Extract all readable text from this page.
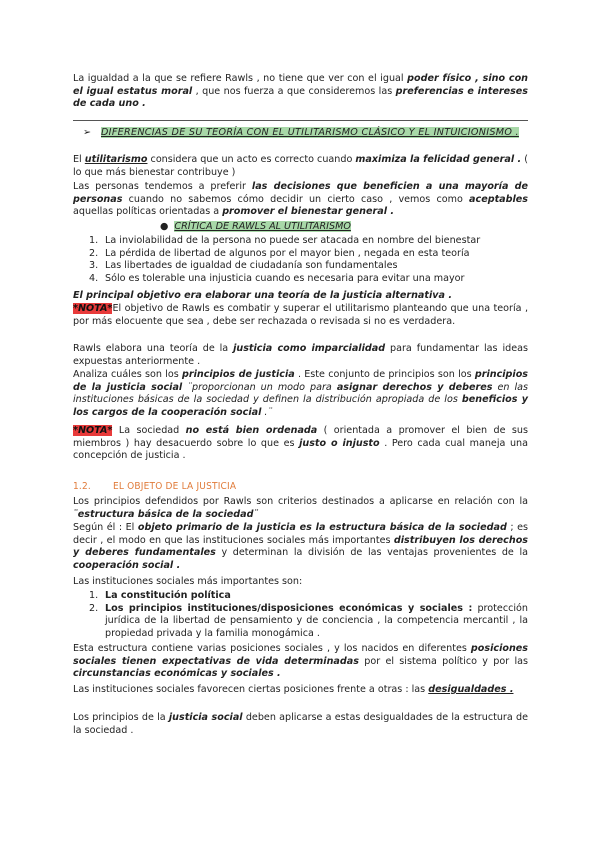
La igualdad a la que se refiere Rawls , no tiene que ver con el igual poder físico , sino con el igual estatus moral , que nos fuerza a que consideremos las preferencias e intereses de cada uno .
➢ DIFERENCIAS DE SU TEORÍA CON EL UTILITARISMO CLÁSICO Y EL INTUICIONISMO .
El utilitarismo considera que un acto es correcto cuando maximiza la felicidad general . ( lo que más bienestar contribuye )
Las personas tendemos a preferir las decisiones que beneficien a una mayoría de personas cuando no sabemos cómo decidir un cierto caso , vemos como aceptables aquellas políticas orientadas a promover el bienestar general .
● CRÍTICA DE RAWLS AL UTILITARISMO
1. La inviolabilidad de la persona no puede ser atacada en nombre del bienestar
2. La pérdida de libertad de algunos por el mayor bien , negada en esta teoría
3. Las libertades de igualdad de ciudadanía son fundamentales
4. Sólo es tolerable una injusticia cuando es necesaria para evitar una mayor
El principal objetivo era elaborar una teoría de la justicia alternativa .
*NOTA*El objetivo de Rawls es combatir y superar el utilitarismo planteando que una teoría , por más elocuente que sea , debe ser rechazada o revisada si no es verdadera.
Rawls elabora una teoría de la justicia como imparcialidad para fundamentar las ideas expuestas anteriormente .
Analiza cuáles son los principios de justicia . Este conjunto de principios son los principios de la justicia social ¨proporcionan un modo para asignar derechos y deberes en las instituciones básicas de la sociedad y definen la distribución apropiada de los beneficios y los cargos de la cooperación social .¨
*NOTA* La sociedad no está bien ordenada ( orientada a promover el bien de sus miembros ) hay desacuerdo sobre lo que es justo o injusto . Pero cada cual maneja una concepción de justicia .
1.2. EL OBJETO DE LA JUSTICIA
Los principios defendidos por Rawls son criterios destinados a aplicarse en relación con la ¨estructura básica de la sociedad¨
Según él : El objeto primario de la justicia es la estructura básica de la sociedad ; es decir , el modo en que las instituciones sociales más importantes distribuyen los derechos y deberes fundamentales y determinan la división de las ventajas provenientes de la cooperación social .
Las instituciones sociales más importantes son:
1. La constitución política
2. Los principios instituciones/disposiciones económicas y sociales : protección jurídica de la libertad de pensamiento y de conciencia , la competencia mercantil , la propiedad privada y la familia monogámica .
Esta estructura contiene varias posiciones sociales , y los nacidos en diferentes posiciones sociales tienen expectativas de vida determinadas por el sistema político y por las circunstancias económicas y sociales .
Las instituciones sociales favorecen ciertas posiciones frente a otras : las desigualdades .
Los principios de la justicia social deben aplicarse a estas desigualdades de la estructura de la sociedad .
